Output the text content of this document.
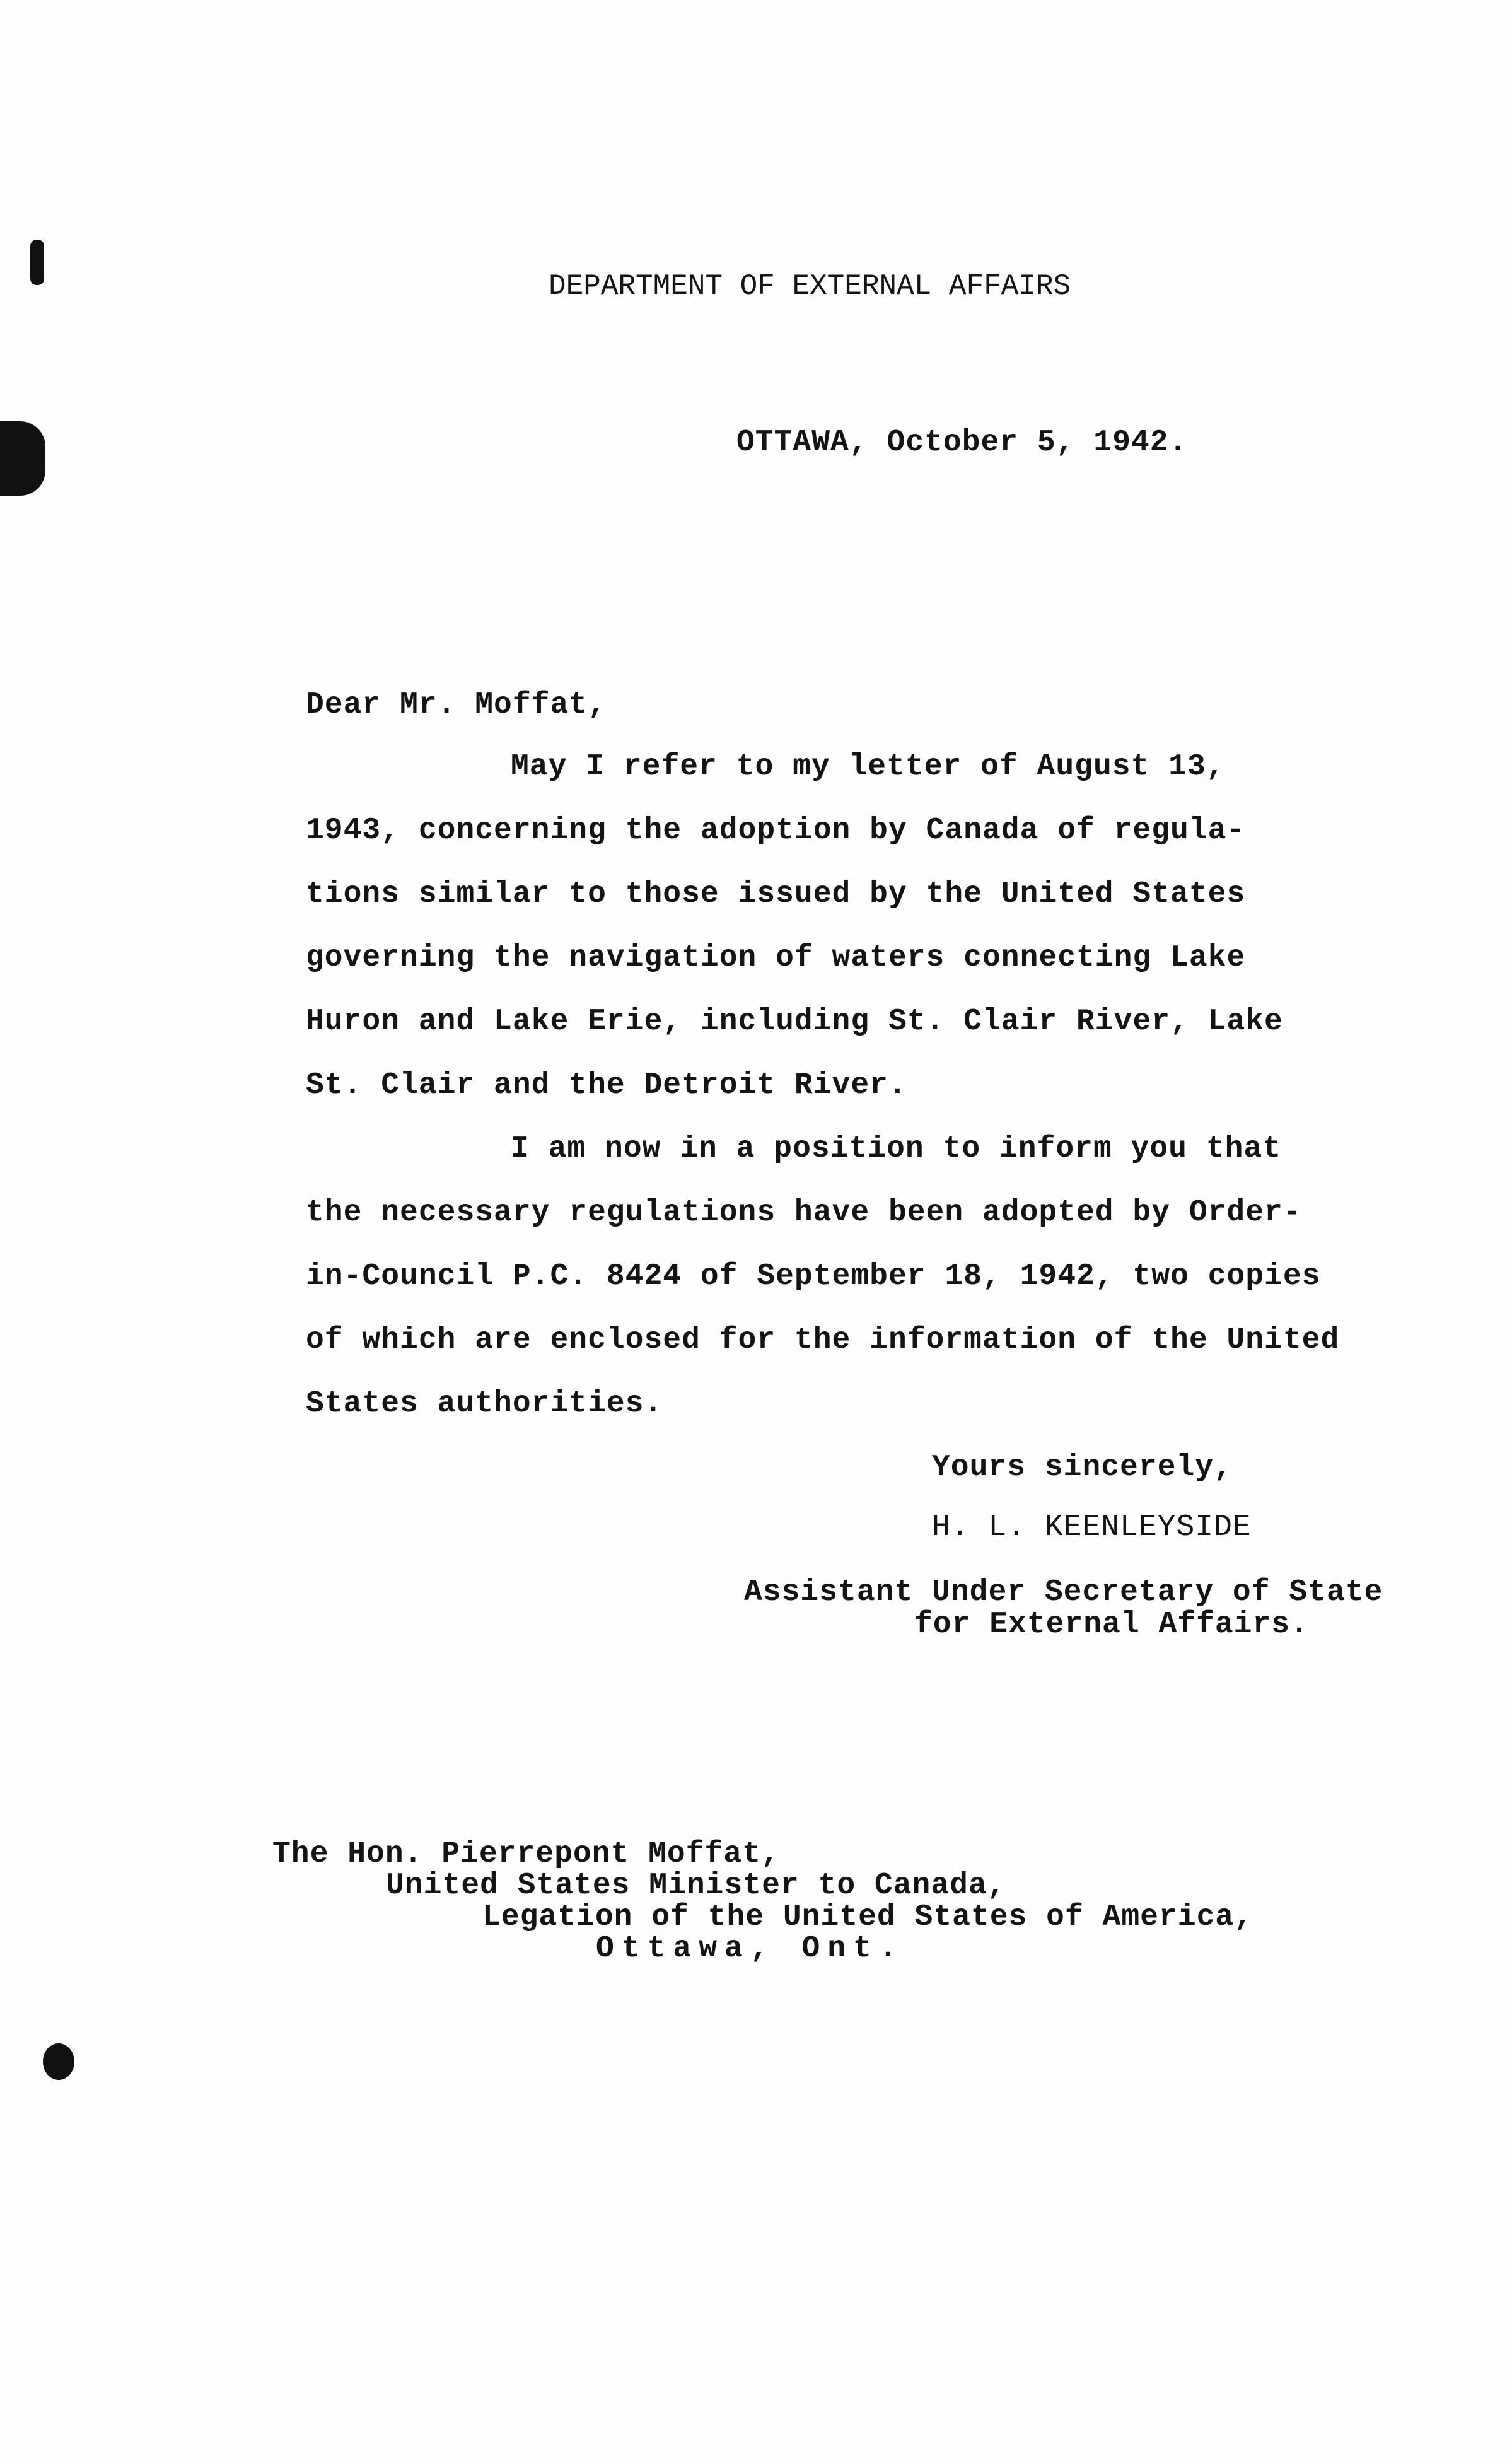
DEPARTMENT OF EXTERNAL AFFAIRS
OTTAWA, October 5, 1942.
Dear Mr. Moffat,
May I refer to my letter of August 13,
1943, concerning the adoption by Canada of regula-
tions similar to those issued by the United States
governing the navigation of waters connecting Lake
Huron and Lake Erie, including St. Clair River, Lake
St. Clair and the Detroit River.
I am now in a position to inform you that
the necessary regulations have been adopted by Order-
in-Council P.C. 8424 of September 18, 1942, two copies
of which are enclosed for the information of the United
States authorities.
Yours sincerely,
H. L. KEENLEYSIDE
Assistant Under Secretary of State
for External Affairs.
The Hon. Pierrepont Moffat,
United States Minister to Canada,
Legation of the United States of America,
Ottawa, Ont.
